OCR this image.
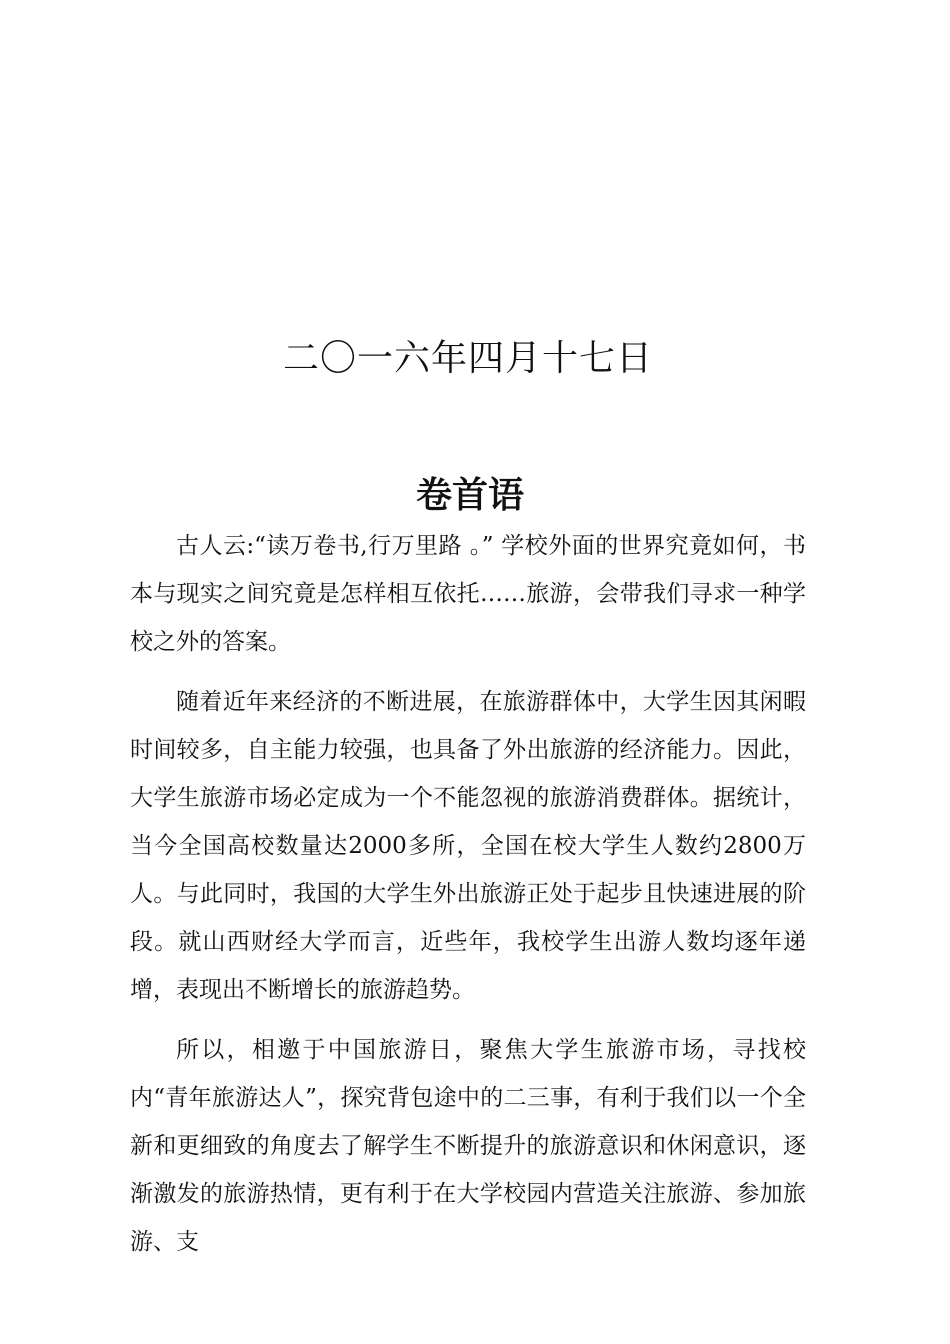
二〇一六年四月十七日
卷首语

古人云:“读万卷书,行万里路 。” 学校外面的世界究竟如何，书本与现实之间究竟是怎样相互依托……旅游，会带我们寻求一种学校之外的答案。

随着近年来经济的不断进展，在旅游群体中，大学生因其闲暇时间较多，自主能力较强，也具备了外出旅游的经济能力。因此，大学生旅游市场必定成为一个不能忽视的旅游消费群体。据统计，当今全国高校数量达2000多所，全国在校大学生人数约2800万人。与此同时，我国的大学生外出旅游正处于起步且快速进展的阶段。就山西财经大学而言，近些年，我校学生出游人数均逐年递增，表现出不断增长的旅游趋势。

所以，相邀于中国旅游日，聚焦大学生旅游市场，寻找校内“青年旅游达人”，探究背包途中的二三事，有利于我们以一个全新和更细致的角度去了解学生不断提升的旅游意识和休闲意识，逐渐激发的旅游热情，更有利于在大学校园内营造关注旅游、参加旅游、支
